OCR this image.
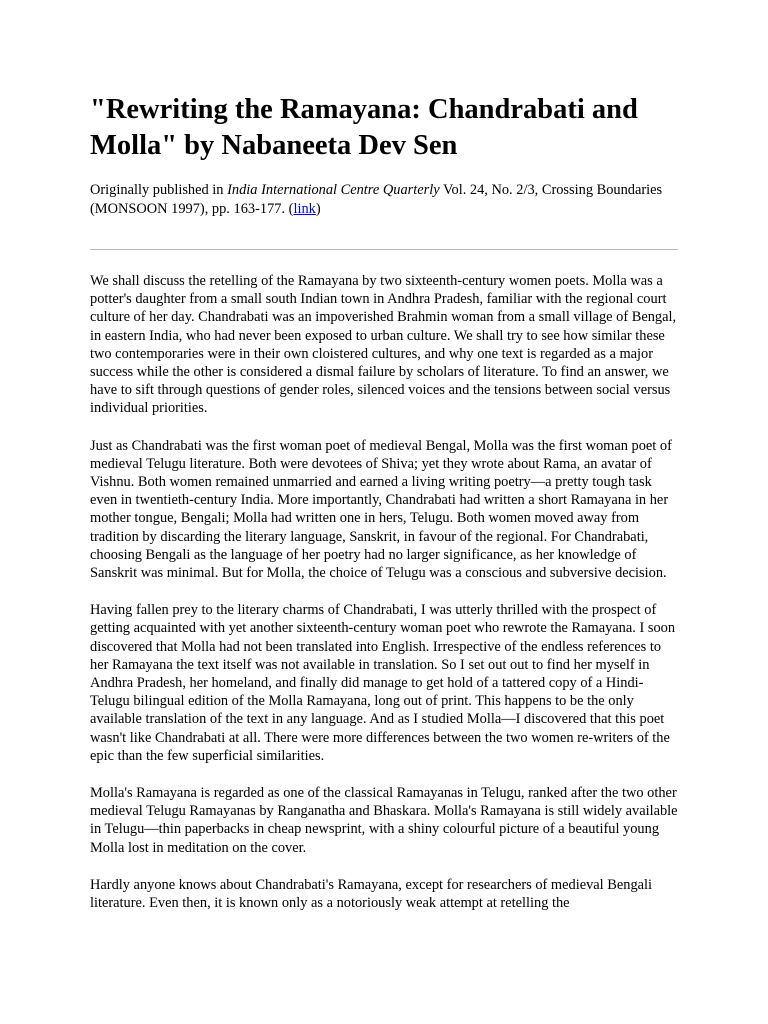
"Rewriting the Ramayana: Chandrabati and Molla" by Nabaneeta Dev Sen

Originally published in India International Centre Quarterly Vol. 24, No. 2/3, Crossing Boundaries (MONSOON 1997), pp. 163-177. (link)

We shall discuss the retelling of the Ramayana by two sixteenth-century women poets. Molla was a potter's daughter from a small south Indian town in Andhra Pradesh, familiar with the regional court culture of her day. Chandrabati was an impoverished Brahmin woman from a small village of Bengal, in eastern India, who had never been exposed to urban culture. We shall try to see how similar these two contemporaries were in their own cloistered cultures, and why one text is regarded as a major success while the other is considered a dismal failure by scholars of literature. To find an answer, we have to sift through questions of gender roles, silenced voices and the tensions between social versus individual priorities.

Just as Chandrabati was the first woman poet of medieval Bengal, Molla was the first woman poet of medieval Telugu literature. Both were devotees of Shiva; yet they wrote about Rama, an avatar of Vishnu. Both women remained unmarried and earned a living writing poetry—a pretty tough task even in twentieth-century India. More importantly, Chandrabati had written a short Ramayana in her mother tongue, Bengali; Molla had written one in hers, Telugu. Both women moved away from tradition by discarding the literary language, Sanskrit, in favour of the regional. For Chandrabati, choosing Bengali as the language of her poetry had no larger significance, as her knowledge of Sanskrit was minimal. But for Molla, the choice of Telugu was a conscious and subversive decision.

Having fallen prey to the literary charms of Chandrabati, I was utterly thrilled with the prospect of getting acquainted with yet another sixteenth-century woman poet who rewrote the Ramayana. I soon discovered that Molla had not been translated into English. Irrespective of the endless references to her Ramayana the text itself was not available in translation. So I set out out to find her myself in Andhra Pradesh, her homeland, and finally did manage to get hold of a tattered copy of a Hindi-Telugu bilingual edition of the Molla Ramayana, long out of print. This happens to be the only available translation of the text in any language. And as I studied Molla—I discovered that this poet wasn't like Chandrabati at all. There were more differences between the two women re-writers of the epic than the few superficial similarities.

Molla's Ramayana is regarded as one of the classical Ramayanas in Telugu, ranked after the two other medieval Telugu Ramayanas by Ranganatha and Bhaskara. Molla's Ramayana is still widely available in Telugu—thin paperbacks in cheap newsprint, with a shiny colourful picture of a beautiful young Molla lost in meditation on the cover.

Hardly anyone knows about Chandrabati's Ramayana, except for researchers of medieval Bengali literature. Even then, it is known only as a notoriously weak attempt at retelling the
